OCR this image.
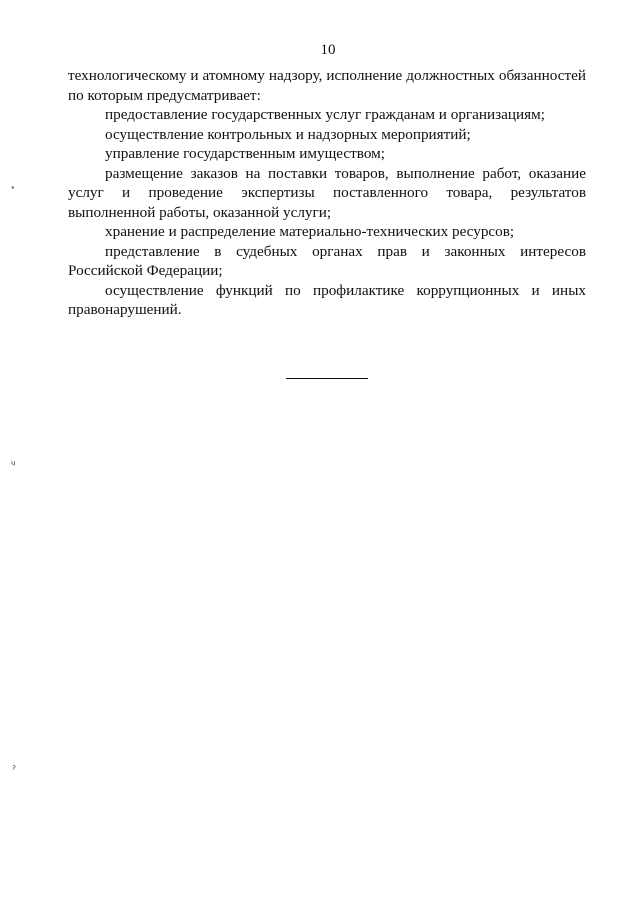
10

технологическому и атомному надзору, исполнение должностных обязанностей по которым предусматривает:

предоставление государственных услуг гражданам и организациям;

осуществление контрольных и надзорных мероприятий;

управление государственным имуществом;

размещение заказов на поставки товаров, выполнение работ, оказание услуг и проведение экспертизы поставленного товара, результатов выполненной работы, оказанной услуги;

хранение и распределение материально-технических ресурсов;

представление в судебных органах прав и законных интересов Российской Федерации;

осуществление функций по профилактике коррупционных и иных правонарушений.

˟
ᶣ
ˀ
